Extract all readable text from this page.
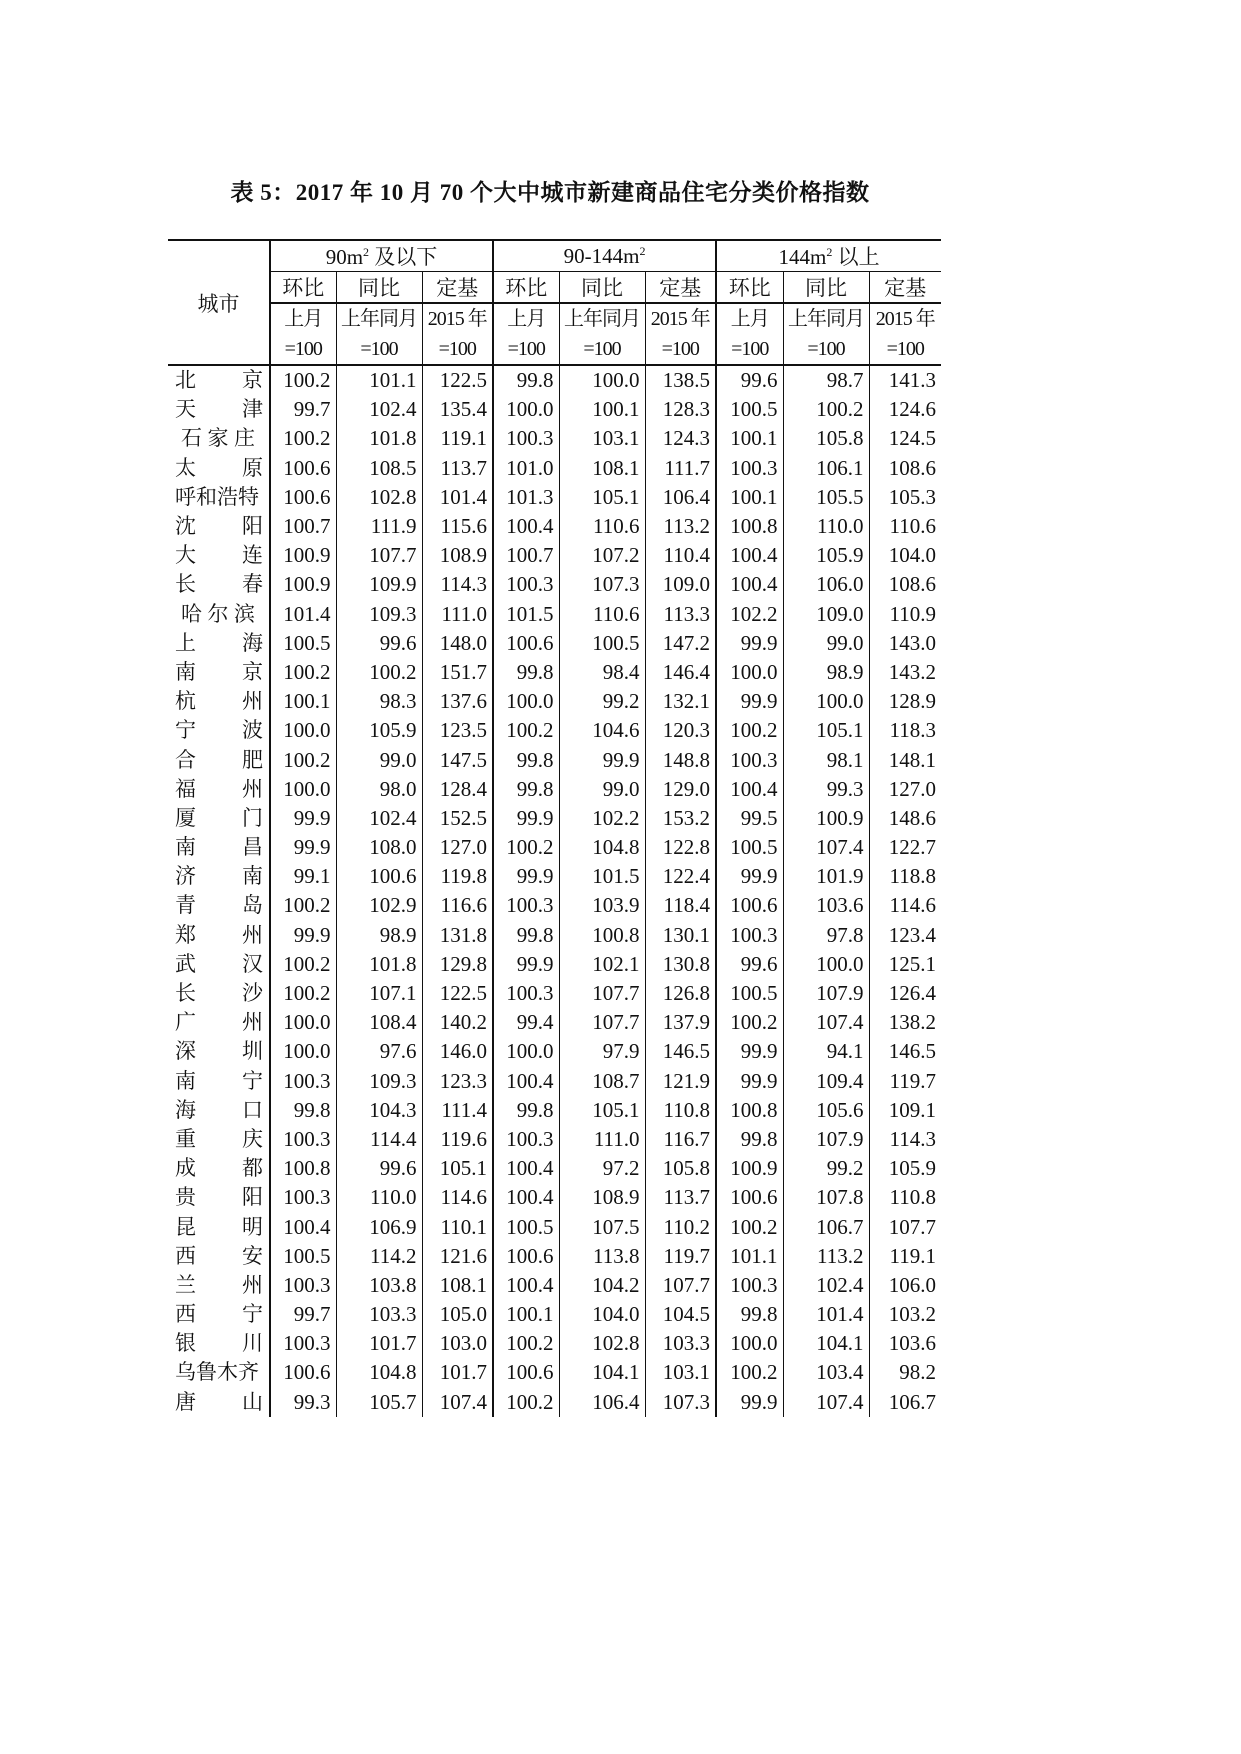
表 5：2017 年 10 月 70 个大中城市新建商品住宅分类价格指数
城市	$90m^2$ 及以下			$90-144m^2$			$144m^2$ 以上		
	环比	同比	定基	环比	同比	定基	环比	同比	定基
	上月	上年同月	2015 年	上月	上年同月	2015 年	上月	上年同月	2015 年
	=100	=100	=100	=100	=100	=100	=100	=100	=100

北 京	100.2	101.1	122.5	99.8	100.0	138.5	99.6	98.7	141.3

天 津	99.7	102.4	135.4	100.0	100.1	128.3	100.5	100.2	124.6

石 家 庄	100.2	101.8	119.1	100.3	103.1	124.3	100.1	105.8	124.5

太 原	100.6	108.5	113.7	101.0	108.1	111.7	100.3	106.1	108.6

呼和浩特	100.6	102.8	101.4	101.3	105.1	106.4	100.1	105.5	105.3

沈 阳	100.7	111.9	115.6	100.4	110.6	113.2	100.8	110.0	110.6

大 连	100.9	107.7	108.9	100.7	107.2	110.4	100.4	105.9	104.0

长 春	100.9	109.9	114.3	100.3	107.3	109.0	100.4	106.0	108.6

哈 尔 滨	101.4	109.3	111.0	101.5	110.6	113.3	102.2	109.0	110.9

上 海	100.5	99.6	148.0	100.6	100.5	147.2	99.9	99.0	143.0

南 京	100.2	100.2	151.7	99.8	98.4	146.4	100.0	98.9	143.2

杭 州	100.1	98.3	137.6	100.0	99.2	132.1	99.9	100.0	128.9

宁 波	100.0	105.9	123.5	100.2	104.6	120.3	100.2	105.1	118.3

合 肥	100.2	99.0	147.5	99.8	99.9	148.8	100.3	98.1	148.1

福 州	100.0	98.0	128.4	99.8	99.0	129.0	100.4	99.3	127.0

厦 门	99.9	102.4	152.5	99.9	102.2	153.2	99.5	100.9	148.6

南 昌	99.9	108.0	127.0	100.2	104.8	122.8	100.5	107.4	122.7

济 南	99.1	100.6	119.8	99.9	101.5	122.4	99.9	101.9	118.8

青 岛	100.2	102.9	116.6	100.3	103.9	118.4	100.6	103.6	114.6

郑 州	99.9	98.9	131.8	99.8	100.8	130.1	100.3	97.8	123.4

武 汉	100.2	101.8	129.8	99.9	102.1	130.8	99.6	100.0	125.1

长 沙	100.2	107.1	122.5	100.3	107.7	126.8	100.5	107.9	126.4

广 州	100.0	108.4	140.2	99.4	107.7	137.9	100.2	107.4	138.2

深 圳	100.0	97.6	146.0	100.0	97.9	146.5	99.9	94.1	146.5

南 宁	100.3	109.3	123.3	100.4	108.7	121.9	99.9	109.4	119.7

海 口	99.8	104.3	111.4	99.8	105.1	110.8	100.8	105.6	109.1

重 庆	100.3	114.4	119.6	100.3	111.0	116.7	99.8	107.9	114.3

成 都	100.8	99.6	105.1	100.4	97.2	105.8	100.9	99.2	105.9

贵 阳	100.3	110.0	114.6	100.4	108.9	113.7	100.6	107.8	110.8

昆 明	100.4	106.9	110.1	100.5	107.5	110.2	100.2	106.7	107.7

西 安	100.5	114.2	121.6	100.6	113.8	119.7	101.1	113.2	119.1

兰 州	100.3	103.8	108.1	100.4	104.2	107.7	100.3	102.4	106.0

西 宁	99.7	103.3	105.0	100.1	104.0	104.5	99.8	101.4	103.2

银 川	100.3	101.7	103.0	100.2	102.8	103.3	100.0	104.1	103.6

乌鲁木齐	100.6	104.8	101.7	100.6	104.1	103.1	100.2	103.4	98.2

唐 山	99.3	105.7	107.4	100.2	106.4	107.3	99.9	107.4	106.7
